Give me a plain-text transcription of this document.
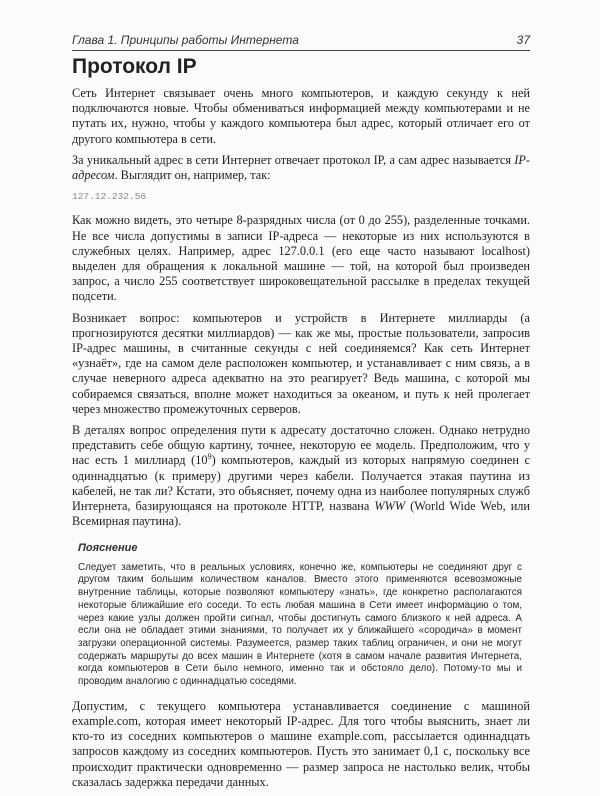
Глава 1. Принципы работы Интернета	37
Протокол IP

Сеть Интернет связывает очень много компьютеров, и каждую секунду к ней подключаются новые. Чтобы обмениваться информацией между компьютерами и не путать их, нужно, чтобы у каждого компьютера был адрес, который отличает его от другого компьютера в сети.

За уникальный адрес в сети Интернет отвечает протокол IP, а сам адрес называется IP-адресом. Выглядит он, например, так:

127.12.232.56

Как можно видеть, это четыре 8-разрядных числа (от 0 до 255), разделенные точками. Не все числа допустимы в записи IP-адреса — некоторые из них используются в служебных целях. Например, адрес 127.0.0.1 (его еще часто называют localhost) выделен для обращения к локальной машине — той, на которой был произведен запрос, а число 255 соответствует широковещательной рассылке в пределах текущей подсети.

Возникает вопрос: компьютеров и устройств в Интернете миллиарды (а прогнозируются десятки миллиардов) — как же мы, простые пользователи, запросив IP-адрес машины, в считанные секунды с ней соединяемся? Как сеть Интернет «узнаёт», где на самом деле расположен компьютер, и устанавливает с ним связь, а в случае неверного адреса адекватно на это реагирует? Ведь машина, с которой мы собираемся связаться, вполне может находиться за океаном, и путь к ней пролегает через множество промежуточных серверов.

В деталях вопрос определения пути к адресату достаточно сложен. Однако нетрудно представить себе общую картину, точнее, некоторую ее модель. Предположим, что у нас есть 1 миллиард $(10^9)$ компьютеров, каждый из которых напрямую соединен с одиннадцатью (к примеру) другими через кабели. Получается этакая паутина из кабелей, не так ли? Кстати, это объясняет, почему одна из наиболее популярных служб Интернета, базирующаяся на протоколе HTTP, названа WWW (World Wide Web, или Всемирная паутина).

Пояснение

Следует заметить, что в реальных условиях, конечно же, компьютеры не соединяют друг с другом таким большим количеством каналов. Вместо этого применяются всевозможные внутренние таблицы, которые позволяют компьютеру «знать», где конкретно располагаются некоторые ближайшие его соседи. То есть любая машина в Сети имеет информацию о том, через какие узлы должен пройти сигнал, чтобы достигнуть самого близкого к ней адреса. А если она не обладает этими знаниями, то получает их у ближайшего «сородича» в момент загрузки операционной системы. Разумеется, размер таких таблиц ограничен, и они не могут содержать маршруты до всех машин в Интернете (хотя в самом начале развития Интернета, когда компьютеров в Сети было немного, именно так и обстояло дело). Потому-то мы и проводим аналогию с одиннадцатью соседями.

Допустим, с текущего компьютера устанавливается соединение с машиной example.com, которая имеет некоторый IP-адрес. Для того чтобы выяснить, знает ли кто-то из соседних компьютеров о машине example.com, рассылается одиннадцать запросов каждому из соседних компьютеров. Пусть это занимает 0,1 с, поскольку все происходит практически одновременно — размер запроса не настолько велик, чтобы сказалась задержка передачи данных.
